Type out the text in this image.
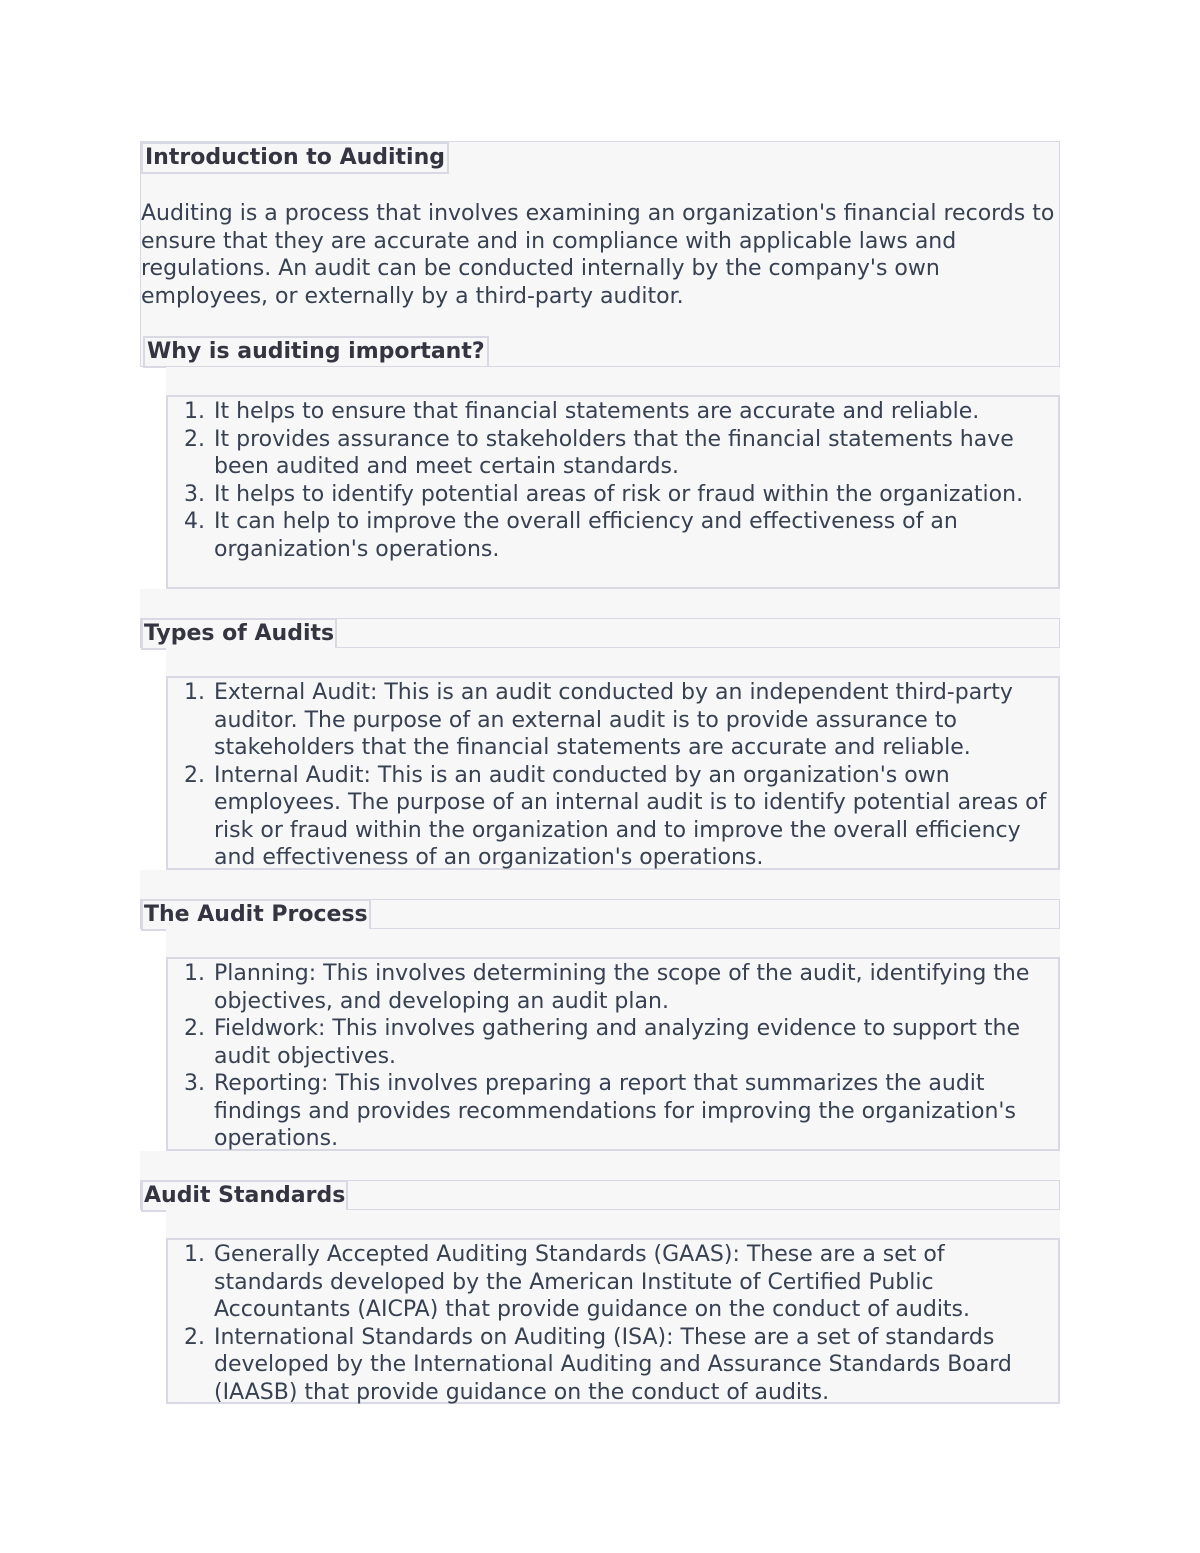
Introduction to Auditing

Auditing is a process that involves examining an organization's financial records to ensure that they are accurate and in compliance with applicable laws and regulations. An audit can be conducted internally by the company's own employees, or externally by a third-party auditor.

Why is auditing important?
1. It helps to ensure that financial statements are accurate and reliable.
2. It provides assurance to stakeholders that the financial statements have been audited and meet certain standards.
3. It helps to identify potential areas of risk or fraud within the organization.
4. It can help to improve the overall efficiency and effectiveness of an organization's operations.
Types of Audits
1. External Audit: This is an audit conducted by an independent third-party auditor. The purpose of an external audit is to provide assurance to stakeholders that the financial statements are accurate and reliable.
2. Internal Audit: This is an audit conducted by an organization's own employees. The purpose of an internal audit is to identify potential areas of risk or fraud within the organization and to improve the overall efficiency and effectiveness of an organization's operations.
The Audit Process
1. Planning: This involves determining the scope of the audit, identifying the objectives, and developing an audit plan.
2. Fieldwork: This involves gathering and analyzing evidence to support the audit objectives.
3. Reporting: This involves preparing a report that summarizes the audit findings and provides recommendations for improving the organization's operations.
Audit Standards
1. Generally Accepted Auditing Standards (GAAS): These are a set of standards developed by the American Institute of Certified Public Accountants (AICPA) that provide guidance on the conduct of audits.
2. International Standards on Auditing (ISA): These are a set of standards developed by the International Auditing and Assurance Standards Board (IAASB) that provide guidance on the conduct of audits.
